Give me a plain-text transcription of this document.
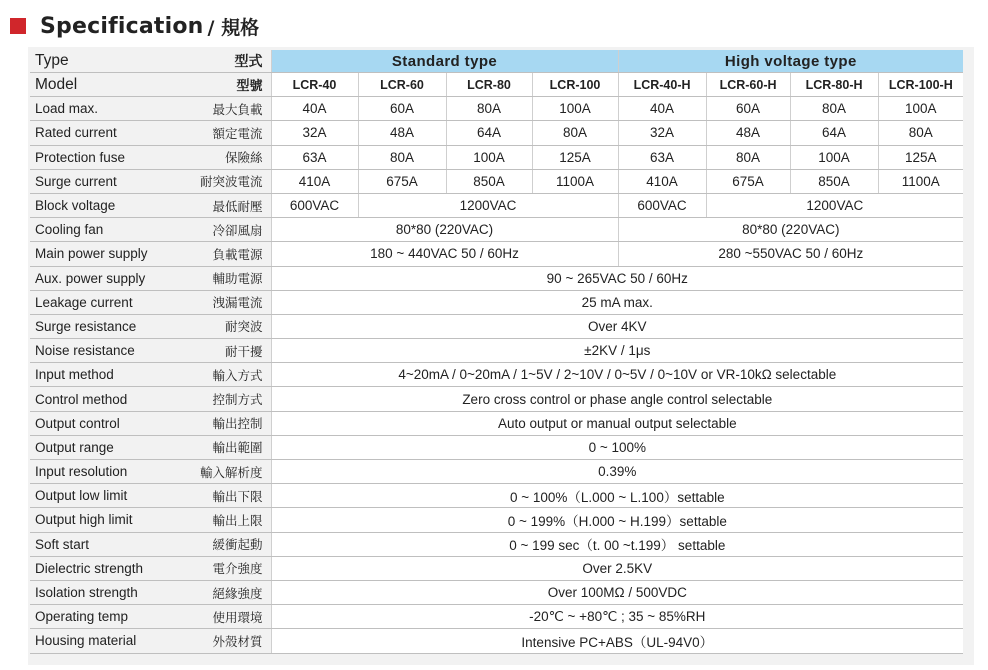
Specification / 規格
Type	型式	Standard type				High voltage type			
Model	型號	LCR-40	LCR-60	LCR-80	LCR-100	LCR-40-H	LCR-60-H	LCR-80-H	LCR-100-H
Load max.	最大負載	40A	60A	80A	100A	40A	60A	80A	100A
Rated current	額定電流	32A	48A	64A	80A	32A	48A	64A	80A
Protection fuse	保險絲	63A	80A	100A	125A	63A	80A	100A	125A
Surge current	耐突波電流	410A	675A	850A	1100A	410A	675A	850A	1100A
Block voltage	最低耐壓	600VAC	1200VAC			600VAC	1200VAC		
Cooling fan	冷卻風扇	80*80 (220VAC)				80*80 (220VAC)			
Main power supply	負載電源	180 ~ 440VAC 50 / 60Hz				280 ~550VAC 50 / 60Hz			
Aux. power supply	輔助電源	90 ~ 265VAC 50 / 60Hz							
Leakage current	洩漏電流	25 mA max.							
Surge resistance	耐突波	Over 4KV							
Noise resistance	耐干擾	±2KV / 1μs							
Input method	輸入方式	4~20mA / 0~20mA / 1~5V / 2~10V / 0~5V / 0~10V or VR-10kΩ selectable							
Control method	控制方式	Zero cross control or phase angle control selectable							
Output control	輸出控制	Auto output or manual output selectable							
Output range	輸出範圍	0 ~ 100%							
Input resolution	輸入解析度	0.39%							
Output low limit	輸出下限	0 ~ 100%（L.000 ~ L.100）settable							
Output high limit	輸出上限	0 ~ 199%（H.000 ~ H.199）settable							
Soft start	緩衝起動	0 ~ 199 sec（t. 00 ~t.199） settable							
Dielectric strength	電介強度	Over 2.5KV							
Isolation strength	絕緣強度	Over 100MΩ / 500VDC							
Operating temp	使用環境	-20℃ ~ +80℃ ; 35 ~ 85%RH							
Housing material	外殼材質	Intensive PC+ABS（UL-94V0）							
